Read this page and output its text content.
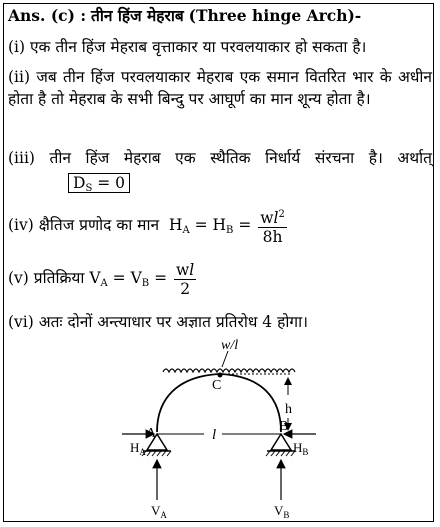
Ans. (c) : तीन हिंज मेहराब (Three hinge Arch)-
(i) एक तीन हिंज मेहराब वृत्ताकार या परवलयाकार हो सकता है।
(ii) जब तीन हिंज परवलयाकार मेहराब एक समान वितरित भार के अधीन होता है तो मेहराब के सभी बिन्दु पर आघूर्ण का मान शून्य होता है।
(iii) तीन हिंज मेहराब एक स्थैतिक निर्धार्य संरचना है। अर्थात्
$D_S = 0$
(iv) क्षैतिज प्रणोद का मान $H_A = H_B = \frac{wl^2}{8h}$
(v) प्रतिक्रिया $V_A = V_B = \frac{wl}{2}$
(vi) अतः दोनों अन्त्याधार पर अज्ञात प्रतिरोध 4 होगा।
w/l
C
h
l
A	B
$H_A$	$H_B$
$V_A$	$V_B$
